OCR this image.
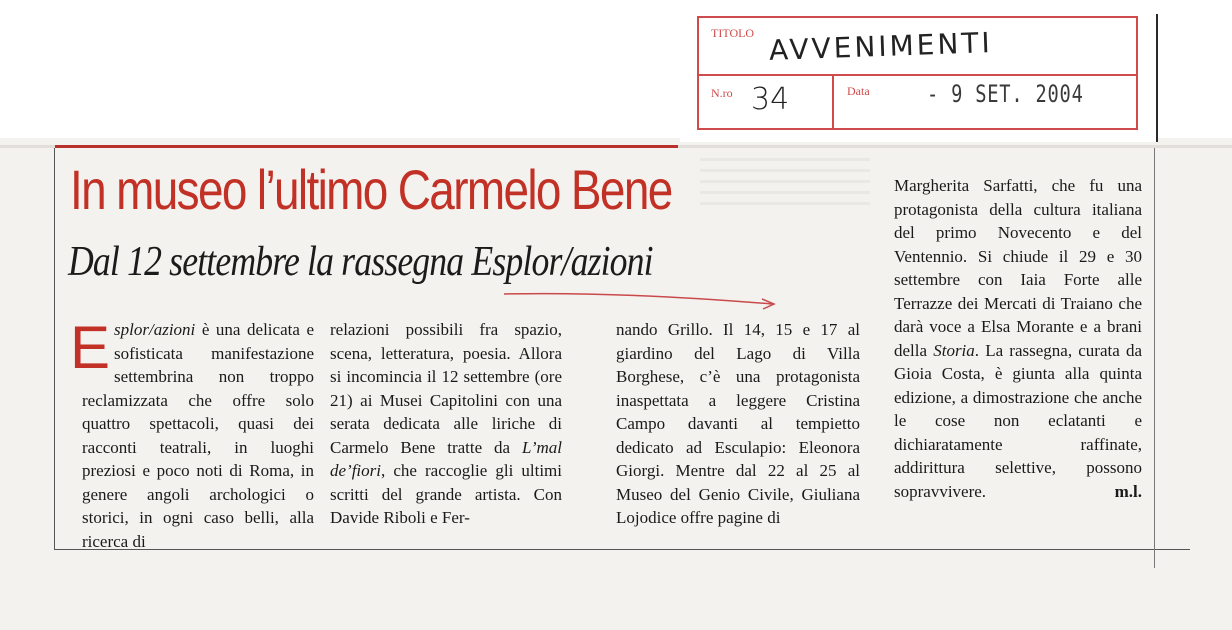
TITOLO AVVENIMENTI
N.ro 34	Data - 9 SET. 2004
In museo l’ultimo Carmelo Bene
Dal 12 settembre la rassegna Esplor/azioni

Esplor/azioni è una delicata e sofisticata manifestazione settembrina non troppo reclamizzata che offre solo quattro spettacoli, quasi dei racconti teatrali, in luoghi preziosi e poco noti di Roma, in genere angoli archologici o storici, in ogni caso belli, alla ricerca di

relazioni possibili fra spazio, scena, letteratura, poesia. Allora si incomincia il 12 settembre (ore 21) ai Musei Capitolini con una serata dedicata alle liriche di Carmelo Bene tratte da L’mal de’fiori, che raccoglie gli ultimi scritti del grande artista. Con Davide Riboli e Fer-

nando Grillo. Il 14, 15 e 17 al giardino del Lago di Villa Borghese, c’è una protagonista inaspettata a leggere Cristina Campo davanti al tempietto dedicato ad Esculapio: Eleonora Giorgi. Mentre dal 22 al 25 al Museo del Genio Civile, Giuliana Lojodice offre pagine di

Margherita Sarfatti, che fu una protagonista della cultura italiana del primo Novecento e del Ventennio. Si chiude il 29 e 30 settembre con Iaia Forte alle Terrazze dei Mercati di Traiano che darà voce a Elsa Morante e a brani della Storia. La rassegna, curata da Gioia Costa, è giunta alla quinta edizione, a dimostrazione che anche le cose non eclatanti e dichiaratamente raffinate, addirittura selettive, possono sopravvivere.	m.l.
